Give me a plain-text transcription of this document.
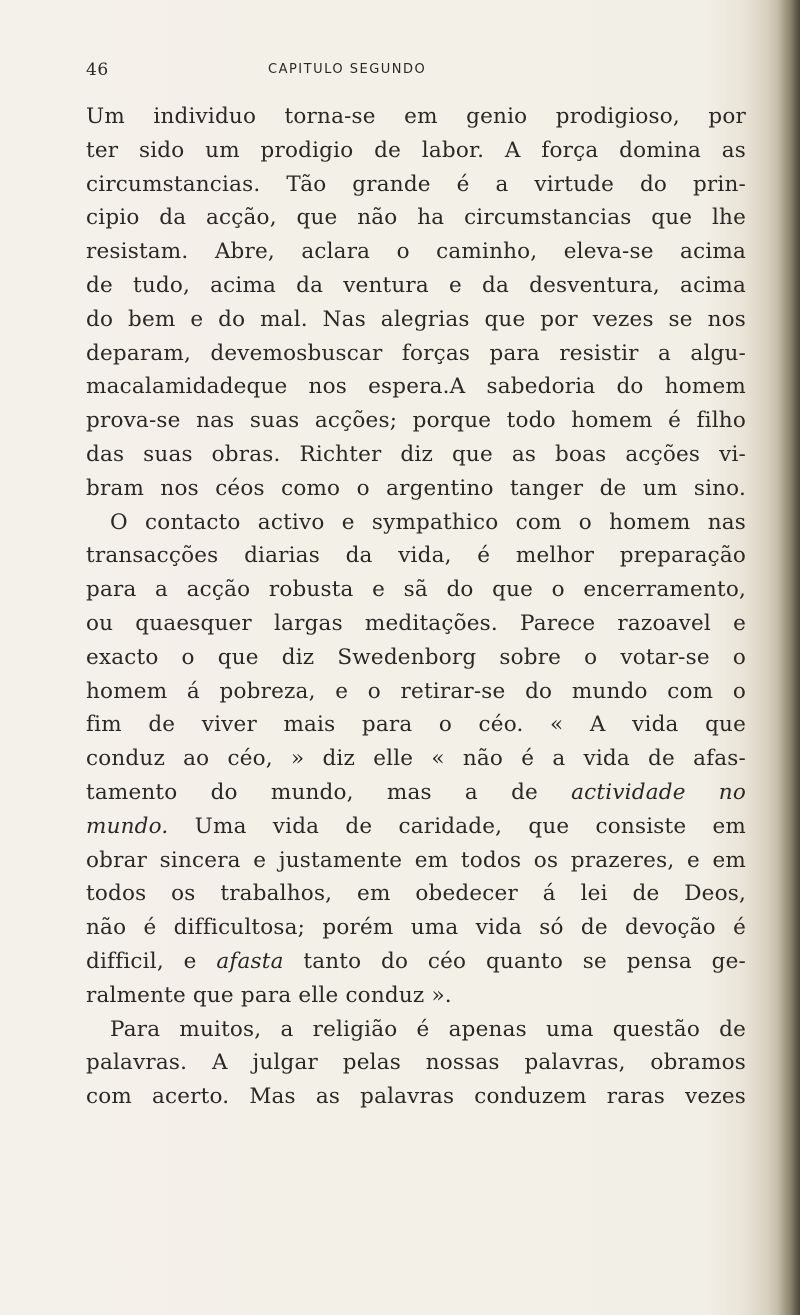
46	CAPITULO SEGUNDO
Um individuo torna-se em genio prodigioso, por
ter sido um prodigio de labor. A força domina as
circumstancias. Tão grande é a virtude do prin-
cipio da acção, que não ha circumstancias que lhe
resistam. Abre, aclara o caminho, eleva-se acima
de tudo, acima da ventura e da desventura, acima
do bem e do mal. Nas alegrias que por vezes se nos
deparam, devemosbuscar forças para resistir a algu-
macalamidadeque nos espera.A sabedoria do homem
prova-se nas suas acções; porque todo homem é filho
das suas obras. Richter diz que as boas acções vi-
bram nos céos como o argentino tanger de um sino.
O contacto activo e sympathico com o homem nas
transacções diarias da vida, é melhor preparação
para a acção robusta e sã do que o encerramento,
ou quaesquer largas meditações. Parece razoavel e
exacto o que diz Swedenborg sobre o votar-se o
homem á pobreza, e o retirar-se do mundo com o
fim de viver mais para o céo. « A vida que
conduz ao céo, » diz elle « não é a vida de afas-
tamento do mundo, mas a de actividade no
mundo. Uma vida de caridade, que consiste em
obrar sincera e justamente em todos os prazeres, e em
todos os trabalhos, em obedecer á lei de Deos,
não é difficultosa; porém uma vida só de devoção é
difficil, e afasta tanto do céo quanto se pensa ge-
ralmente que para elle conduz ».
Para muitos, a religião é apenas uma questão de
palavras. A julgar pelas nossas palavras, obramos
com acerto. Mas as palavras conduzem raras vezes
